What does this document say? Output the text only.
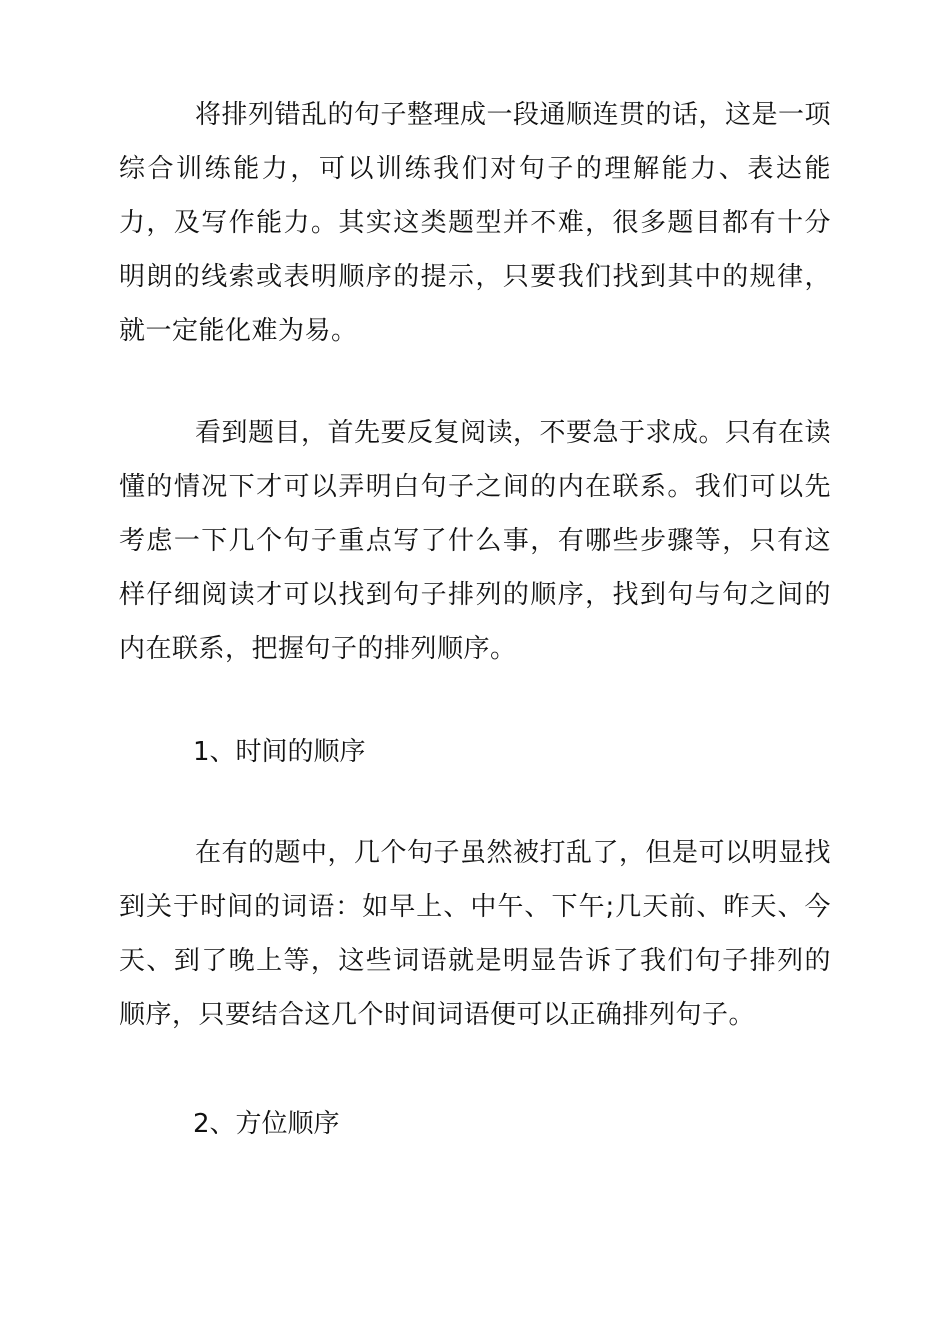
将排列错乱的句子整理成一段通顺连贯的话，这是一项综合训练能力，可以训练我们对句子的理解能力、表达能力，及写作能力。其实这类题型并不难，很多题目都有十分明朗的线索或表明顺序的提示，只要我们找到其中的规律，就一定能化难为易。

看到题目，首先要反复阅读，不要急于求成。只有在读懂的情况下才可以弄明白句子之间的内在联系。我们可以先考虑一下几个句子重点写了什么事，有哪些步骤等，只有这样仔细阅读才可以找到句子排列的顺序，找到句与句之间的内在联系，把握句子的排列顺序。

1、时间的顺序

在有的题中，几个句子虽然被打乱了，但是可以明显找到关于时间的词语：如早上、中午、下午;几天前、昨天、今天、到了晚上等，这些词语就是明显告诉了我们句子排列的顺序，只要结合这几个时间词语便可以正确排列句子。

2、方位顺序
